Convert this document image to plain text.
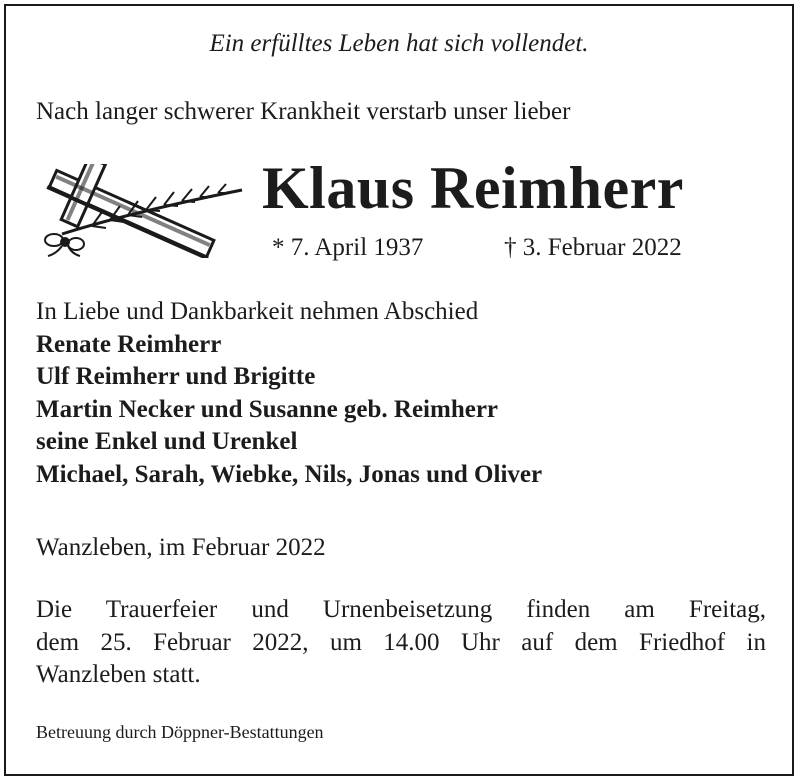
Ein erfülltes Leben hat sich vollendet.
Nach langer schwerer Krankheit verstarb unser lieber
Klaus Reimherr
* 7. April 1937	† 3. Februar 2022
In Liebe und Dankbarkeit nehmen Abschied
Renate Reimherr
Ulf Reimherr und Brigitte
Martin Necker und Susanne geb. Reimherr
seine Enkel und Urenkel
Michael, Sarah, Wiebke, Nils, Jonas und Oliver
Wanzleben, im Februar 2022
Die Trauerfeier und Urnenbeisetzung finden am Freitag,
dem 25. Februar 2022, um 14.00 Uhr auf dem Friedhof in
Wanzleben statt.
Betreuung durch Döppner-Bestattungen
